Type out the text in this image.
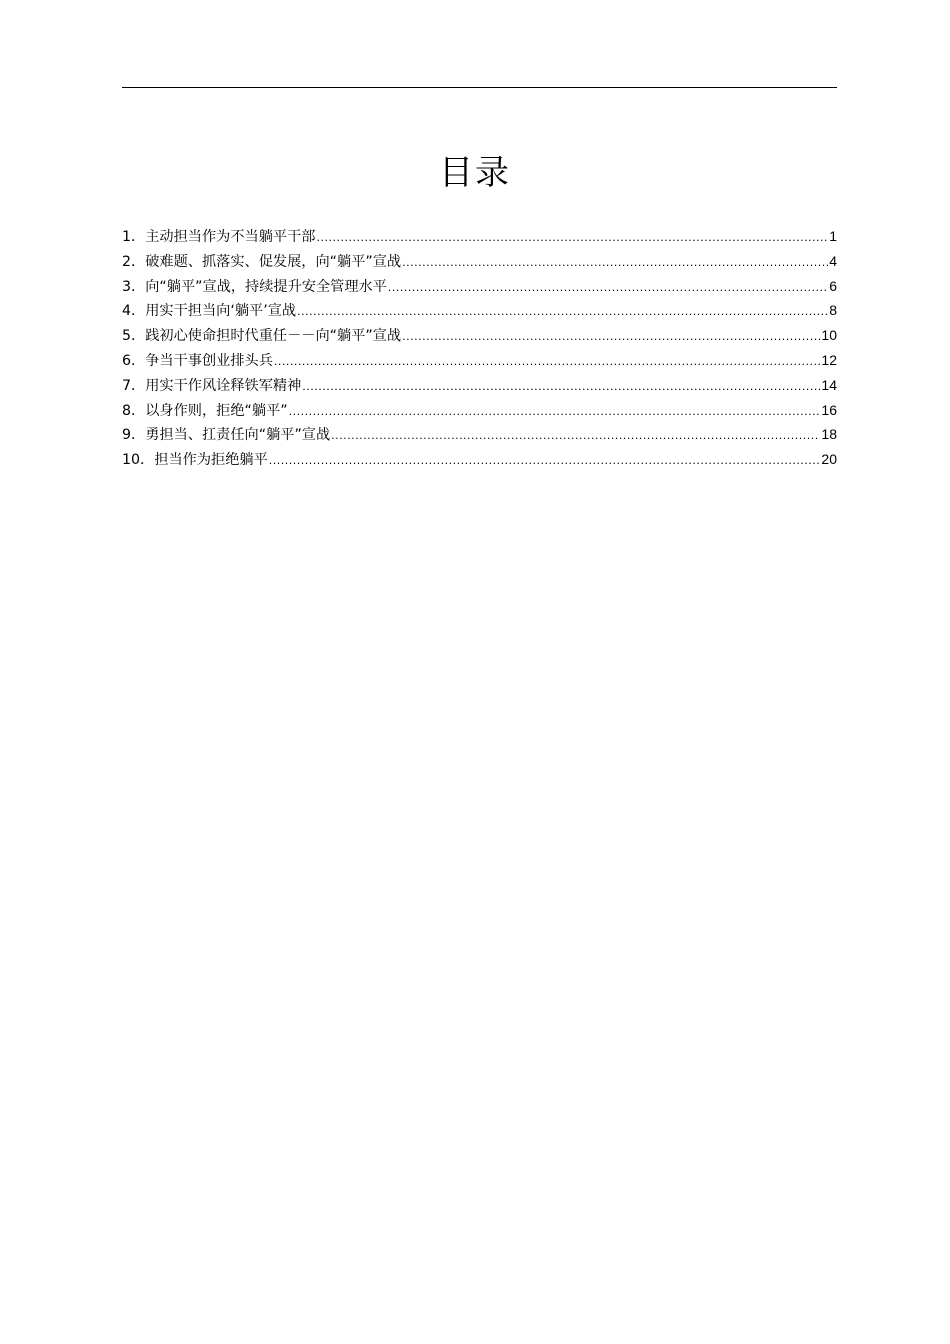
目录
1． 主动担当作为不当躺平干部 .....	1
2． 破难题、抓落实、促发展，向“躺平”宣战 .....	4
3． 向“躺平”宣战，持续提升安全管理水平 .....	6
4． 用实干担当向‘躺平’宣战 .....	8
5． 践初心使命担时代重任－－向“躺平”宣战 .....	10
6． 争当干事创业排头兵 .....	12
7． 用实干作风诠释铁军精神 .....	14
8． 以身作则，拒绝“躺平” .....	16
9． 勇担当、扛责任向“躺平”宣战 .....	18
10． 担当作为拒绝躺平 .....	20
